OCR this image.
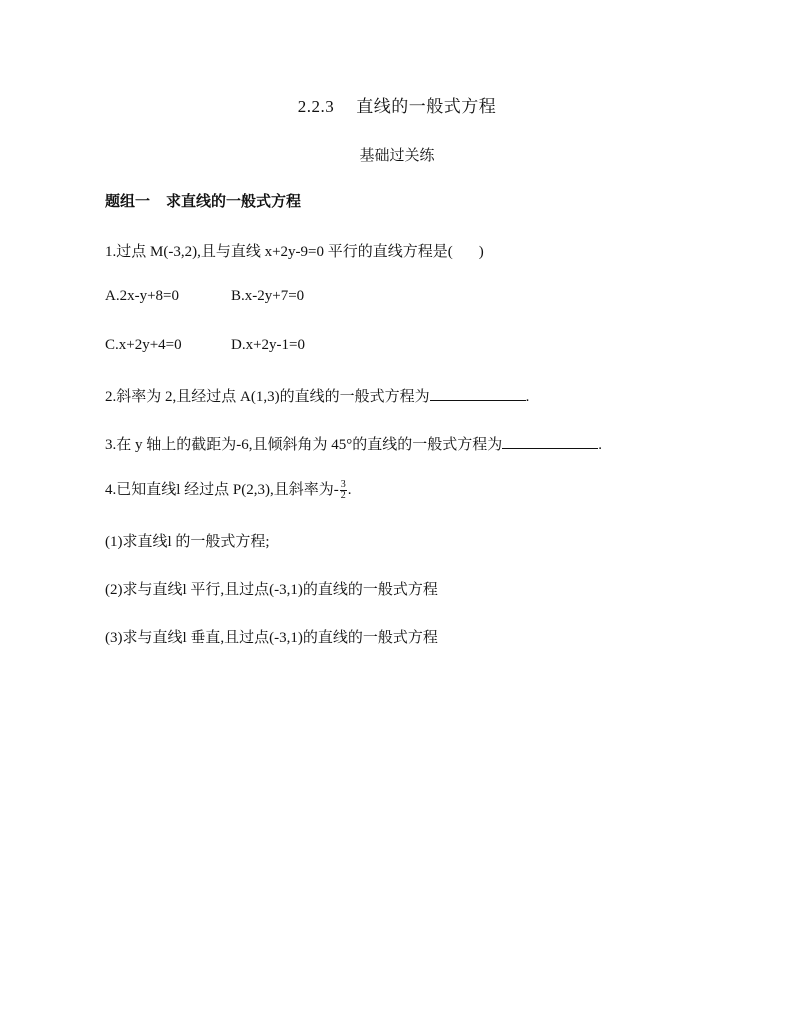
2.2.3 直线的一般式方程
基础过关练
题组一 求直线的一般式方程
1.过点 M(-3,2),且与直线 x+2y-9=0 平行的直线方程是( )
A.2x-y+8=0	B.x-2y+7=0
C.x+2y+4=0	D.x+2y-1=0
2.斜率为 2,且经过点 A(1,3)的直线的一般式方程为	.
3.在 y 轴上的截距为-6,且倾斜角为 45°的直线的一般式方程为	.
4.已知直线l 经过点 P(2,3),且斜率为- $\frac{3}{2}$ .
(1)求直线l 的一般式方程;
(2)求与直线l 平行,且过点(-3,1)的直线的一般式方程
(3)求与直线l 垂直,且过点(-3,1)的直线的一般式方程
